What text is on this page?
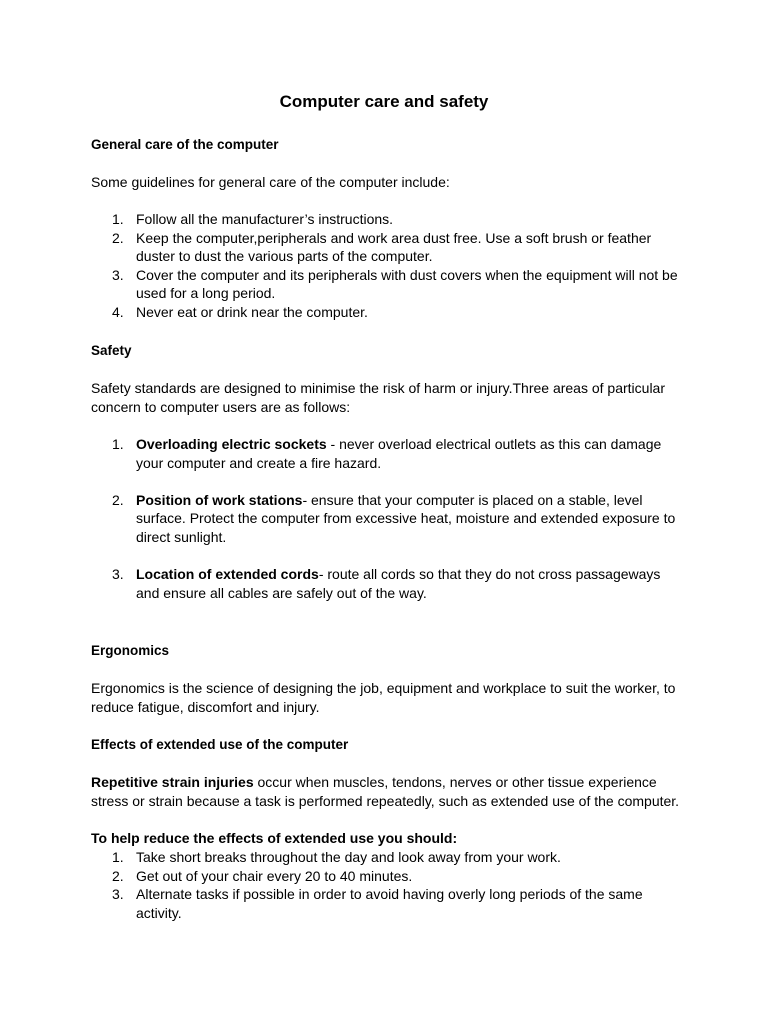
Computer care and safety
General care of the computer
Some guidelines for general care of the computer include:
1. Follow all the manufacturer’s instructions.
2. Keep the computer,peripherals and work area dust free. Use a soft brush or feather duster to dust the various parts of the computer.
3. Cover the computer and its peripherals with dust covers when the equipment will not be used for a long period.
4. Never eat or drink near the computer.
Safety
Safety standards are designed to minimise the risk of harm or injury.Three areas of particular concern to computer users are as follows:
1. Overloading electric sockets - never overload electrical outlets as this can damage your computer and create a fire hazard.
2. Position of work stations- ensure that your computer is placed on a stable, level surface. Protect the computer from excessive heat, moisture and extended exposure to direct sunlight.
3. Location of extended cords- route all cords so that they do not cross passageways and ensure all cables are safely out of the way.
Ergonomics
Ergonomics is the science of designing the job, equipment and workplace to suit the worker, to reduce fatigue, discomfort and injury.
Effects of extended use of the computer
Repetitive strain injuries occur when muscles, tendons, nerves or other tissue experience stress or strain because a task is performed repeatedly, such as extended use of the computer.
To help reduce the effects of extended use you should:
1. Take short breaks throughout the day and look away from your work.
2. Get out of your chair every 20 to 40 minutes.
3. Alternate tasks if possible in order to avoid having overly long periods of the same activity.
